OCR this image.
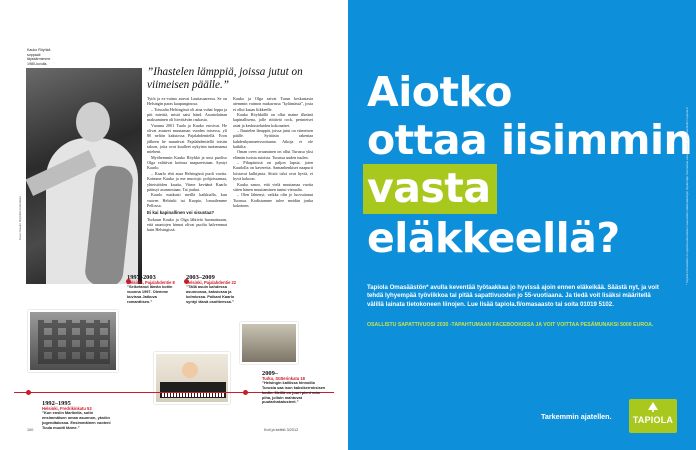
Kauko Röyhkä
soppaali
täyskärmimme
1980-luvulla.
Kuva: Kauko Röyhkän kotiarkisto
”Ihastelen lämppiä, joissa jutut on viimeisen päälle.”

Tytöt ja ex-vaimo asuvat Lauttasaaressa. Se on Helsingin paras kaupunginosa.

– Toissalta Helsingissä oli aina vuhat loppa ja pitt miettiä, mistä saisi bänd. Asuntolainan maksaminen oli hirvittävän raskasta.

Vuonna 2001 Tuula ja Kauko erosivat. He olivat asuneet muutaman vuoden toisessa, yli 80 neliön kaksiossa Pajalahdentiellä. Eron jälkeen he muuttivat Pajalahdentiellä toisiin taloon, joita ovat kuulleet nykyisin tuntemansa mieheni.

Myöhemmin Kauko Röyhkä ja uusi puoliso Olga valittivat kotinsa naapureistaan. Syntyi Kaarlo.

– Kaarlo ehti asua Helsingissä puoli vuotta. Koimme Kauko ja me muotoja: pohjoissamaa, yhteistöiden kautta, Viime keväänä Kaarlo päässyt asunnostaan. Tai jauhat.

Kaarlo matkusti meillä kaikkialla, kun vuoren Helsinki tai Kuopio, lomailemme Pellossa.

Ei kai kapinallinen voi sisustaa?

Turkuun Kauko ja Olga lähtivät huomattuaan, että asuntojen hinnat olivat puolta halvemmat kuin Helsingissä.

Kauko ja Olga saivat Turun keskustasta aiemmin vaimon mukavassa ”kylämässä”, josta ei ollut kauas liikkeelle.

Kauko Röyhkällä on ollut maine ilkeänä kapinallisena, jolle riittävät rock, perinteiset asiat ja keskusteluiden kokonaiset.

– Ihastelen lämppiä, joissa jutut on viimeisen päälle. Syttäisin rakentaa kahdenkymmenvuotiaana. Aikoja ei ole kaikilta.

Oman oven avaaminen on ollut Turussa yksi elämän isoista asioista. Turussa uuden tuulen.

– Pihapiirissä on paljon lapsia, joten Kaarlolla on kavereita. Samanhenkiset naapurit loistavat kulkijasta. Siistit talot ovat hyviä, ei hyvä kokoon.

Kauko sanoo, että vielä muutamaa vuotta sitten hänen muuttaminen tuntui vieraalta.

– Olen lähtenyt, vaikka olin jo luovuttanut Turussa. Kodistamme tulee meidän jonka kokoinen.

1992–1995
Helsinki, Fredrikinkatu 53
”Kun ensiin Marikella, sotin ensimmäisen oman asunnon, yksiön jugendtalossa. Ensimmäinen vuoteni Tuula muutti tänne.”
1997–2003
Helsinki, Pajalahdentie 8
”Seiketanut lämän kotiin vuonna 1997. Olemme kuvissa Jatkuva romanttisen.”
2003–2009
Helsinki, Pajalahdentie 22
”Tällä asuin kahdessa asunnossa, kaksiossa ja kolmiossa. Poikani Kaarlo syntyi tässä osoitteessa.”
2009–
Turku, Sütterinkatu 18
”Helsingin kalliissa hinnoilla Turusta saa ison kaksikerroksisen kodin. Meillä on juuri pieni veta piha, jolloin mahtuvat puutarhakalusteet.”
100	Koti ja keittiö 3/2012
Aiotko
ottaa iisimmin
vasta
eläkkeellä?
Tapiola Omasäästön* avulla keventää työtaakkaa jo hyvissä ajoin ennen eläkeikää. Säästä nyt, ja voit tehdä lyhyempää työviikkoa tai pitää sapattivuoden jo 55-vuotiaana. Ja tiedä voit lisäksi määritellä välillä lainata tietokoneen liinojen. Lue lisää tapiola.fi/omasaasto tai soita 01019 5102.
OSALLISTU SAPATTIVUOSI 2030 -TAPAHTUMAAN FACEBOOKISSA JA VOIT VOITTAA PESÄMUNAKSI 5000 EUROA.
* Tapiola Omasäästö on sijoitusvakuutuksen saaneiden eläkesäästöjen täydentäjä. Kannattaa aina tutustua vakuutusehtoihin tapiola.fi
Tarkemmin ajatellen.	TAPIOLA
